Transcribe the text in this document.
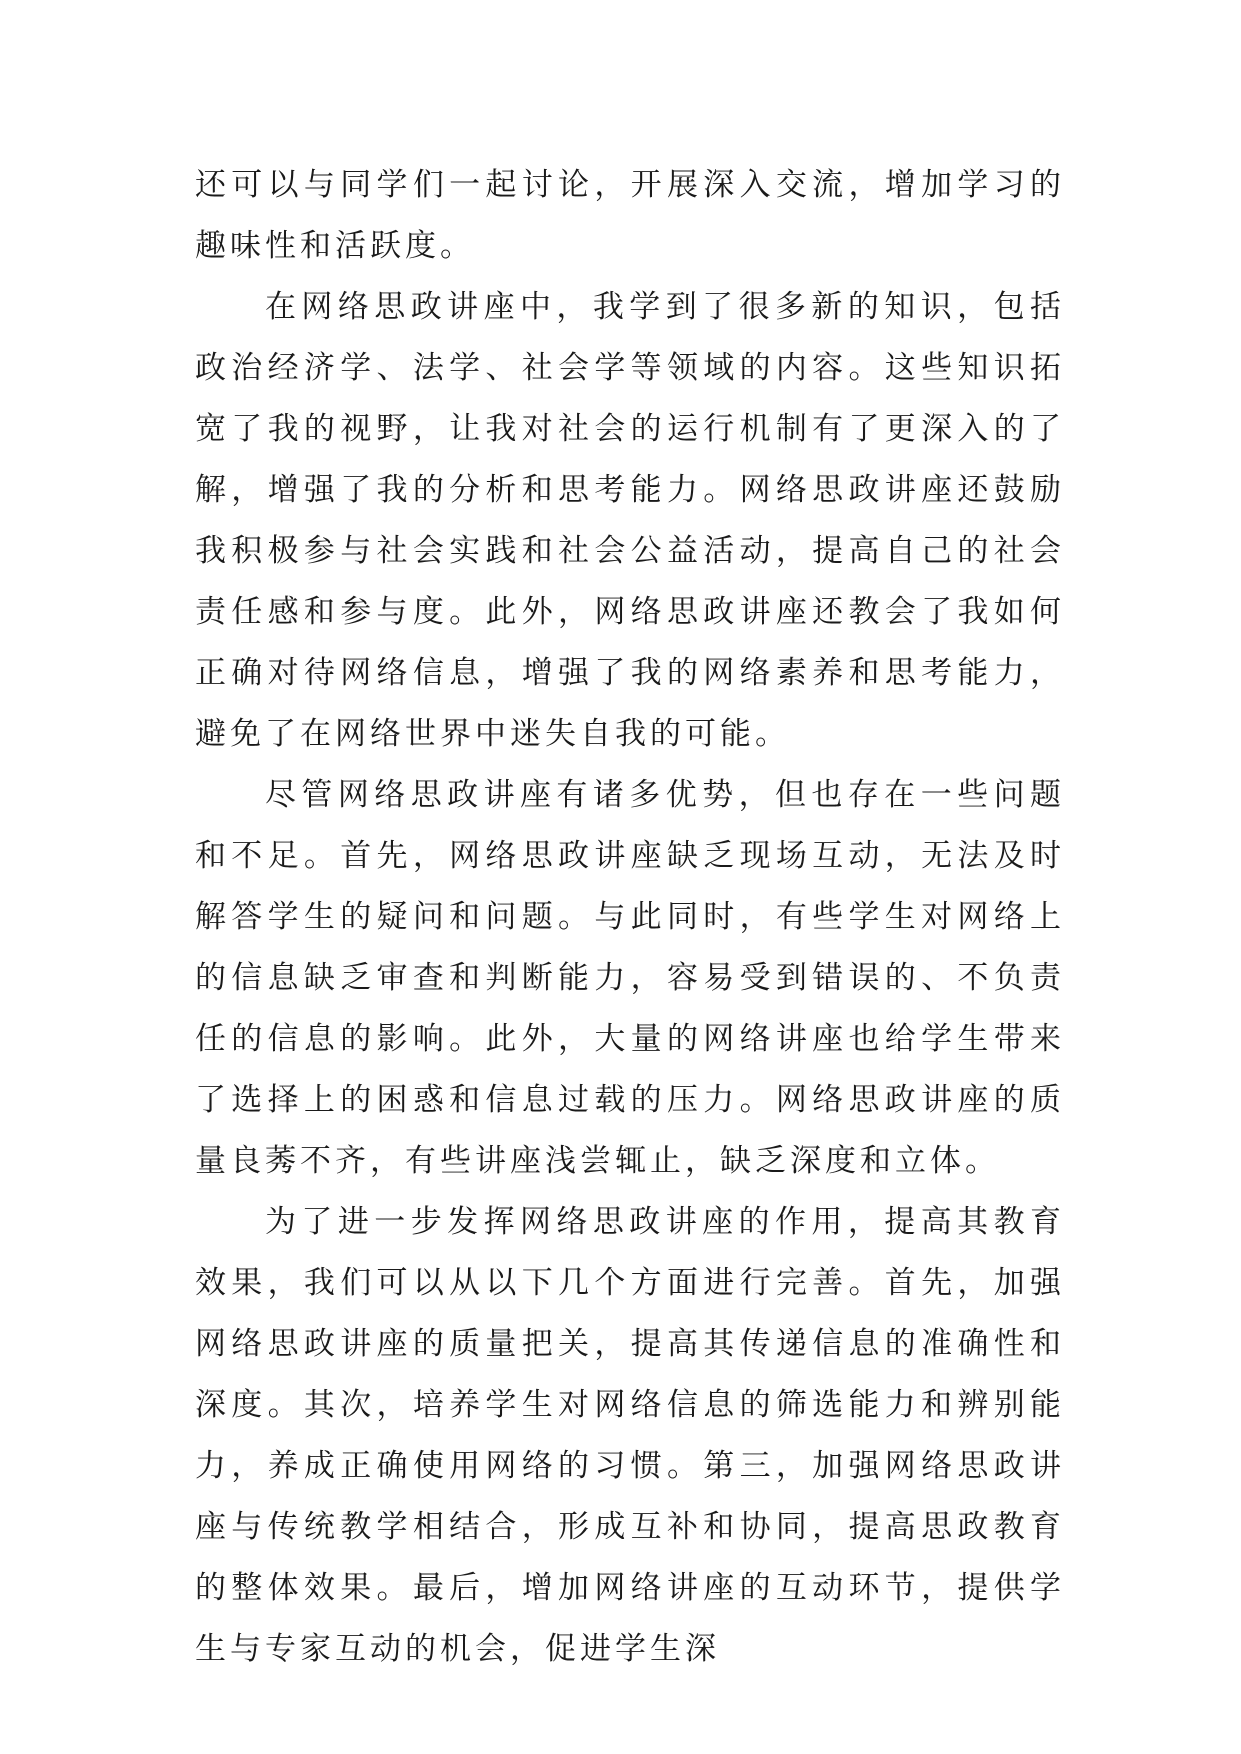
还可以与同学们一起讨论，开展深入交流，增加学习的趣味性和活跃度。

在网络思政讲座中，我学到了很多新的知识，包括政治经济学、法学、社会学等领域的内容。这些知识拓宽了我的视野，让我对社会的运行机制有了更深入的了解，增强了我的分析和思考能力。网络思政讲座还鼓励我积极参与社会实践和社会公益活动，提高自己的社会责任感和参与度。此外，网络思政讲座还教会了我如何正确对待网络信息，增强了我的网络素养和思考能力，避免了在网络世界中迷失自我的可能。

尽管网络思政讲座有诸多优势，但也存在一些问题和不足。首先，网络思政讲座缺乏现场互动，无法及时解答学生的疑问和问题。与此同时，有些学生对网络上的信息缺乏审查和判断能力，容易受到错误的、不负责任的信息的影响。此外，大量的网络讲座也给学生带来了选择上的困惑和信息过载的压力。网络思政讲座的质量良莠不齐，有些讲座浅尝辄止，缺乏深度和立体。

为了进一步发挥网络思政讲座的作用，提高其教育效果，我们可以从以下几个方面进行完善。首先，加强网络思政讲座的质量把关，提高其传递信息的准确性和深度。其次，培养学生对网络信息的筛选能力和辨别能力，养成正确使用网络的习惯。第三，加强网络思政讲座与传统教学相结合，形成互补和协同，提高思政教育的整体效果。最后，增加网络讲座的互动环节，提供学生与专家互动的机会，促进学生深
